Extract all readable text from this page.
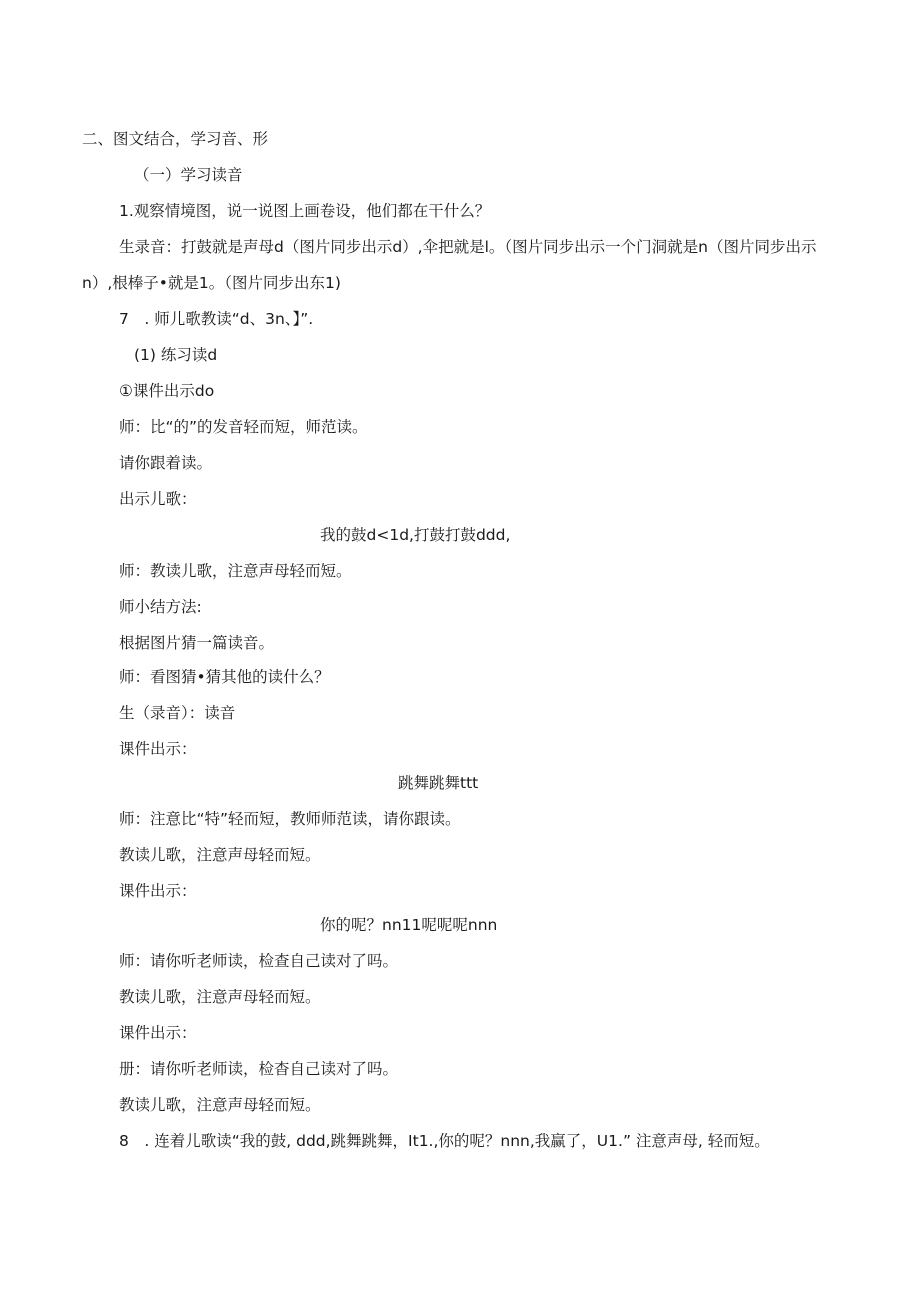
二、图文结合，学习音、形
（一）学习读音
1.观察情境图，说一说图上画卷设，他们都在干什么？
生录音：打鼓就是声母d（图片同步出示d）,伞把就是l。（图片同步出示一个门洞就是n（图片同步出示n）,根棒子•就是1。（图片同步出东1)
7　. 师儿歌教读“d、3n、】”.
(1) 练习读d
①课件出示do
师：比“的”的发音轻而短，师范读。
请你跟着读。
出示儿歌：
我的鼓d<1d,打鼓打鼓ddd,
师：教读儿歌，注意声母轻而短。
师小结方法:
根据图片猜一篇读音。
师：看图猜•猜其他的读什么？
生（录音）：读音
课件出示：
跳舞跳舞ttt
师：注意比“特”轻而短，教师师范读，请你跟读。
教读儿歌，注意声母轻而短。
课件出示：
你的呢？nn11呢呢呢nnn
师：请你听老师读，检查自己读对了吗。
教读儿歌，注意声母轻而短。
课件出示：
册：请你听老师读，检杳自己读对了吗。
教读儿歌，注意声母轻而短。
8　. 连着儿歌读“我的鼓, ddd,跳舞跳舞，It1.,你的呢？nnn,我赢了，U1.” 注意声母, 轻而短。
